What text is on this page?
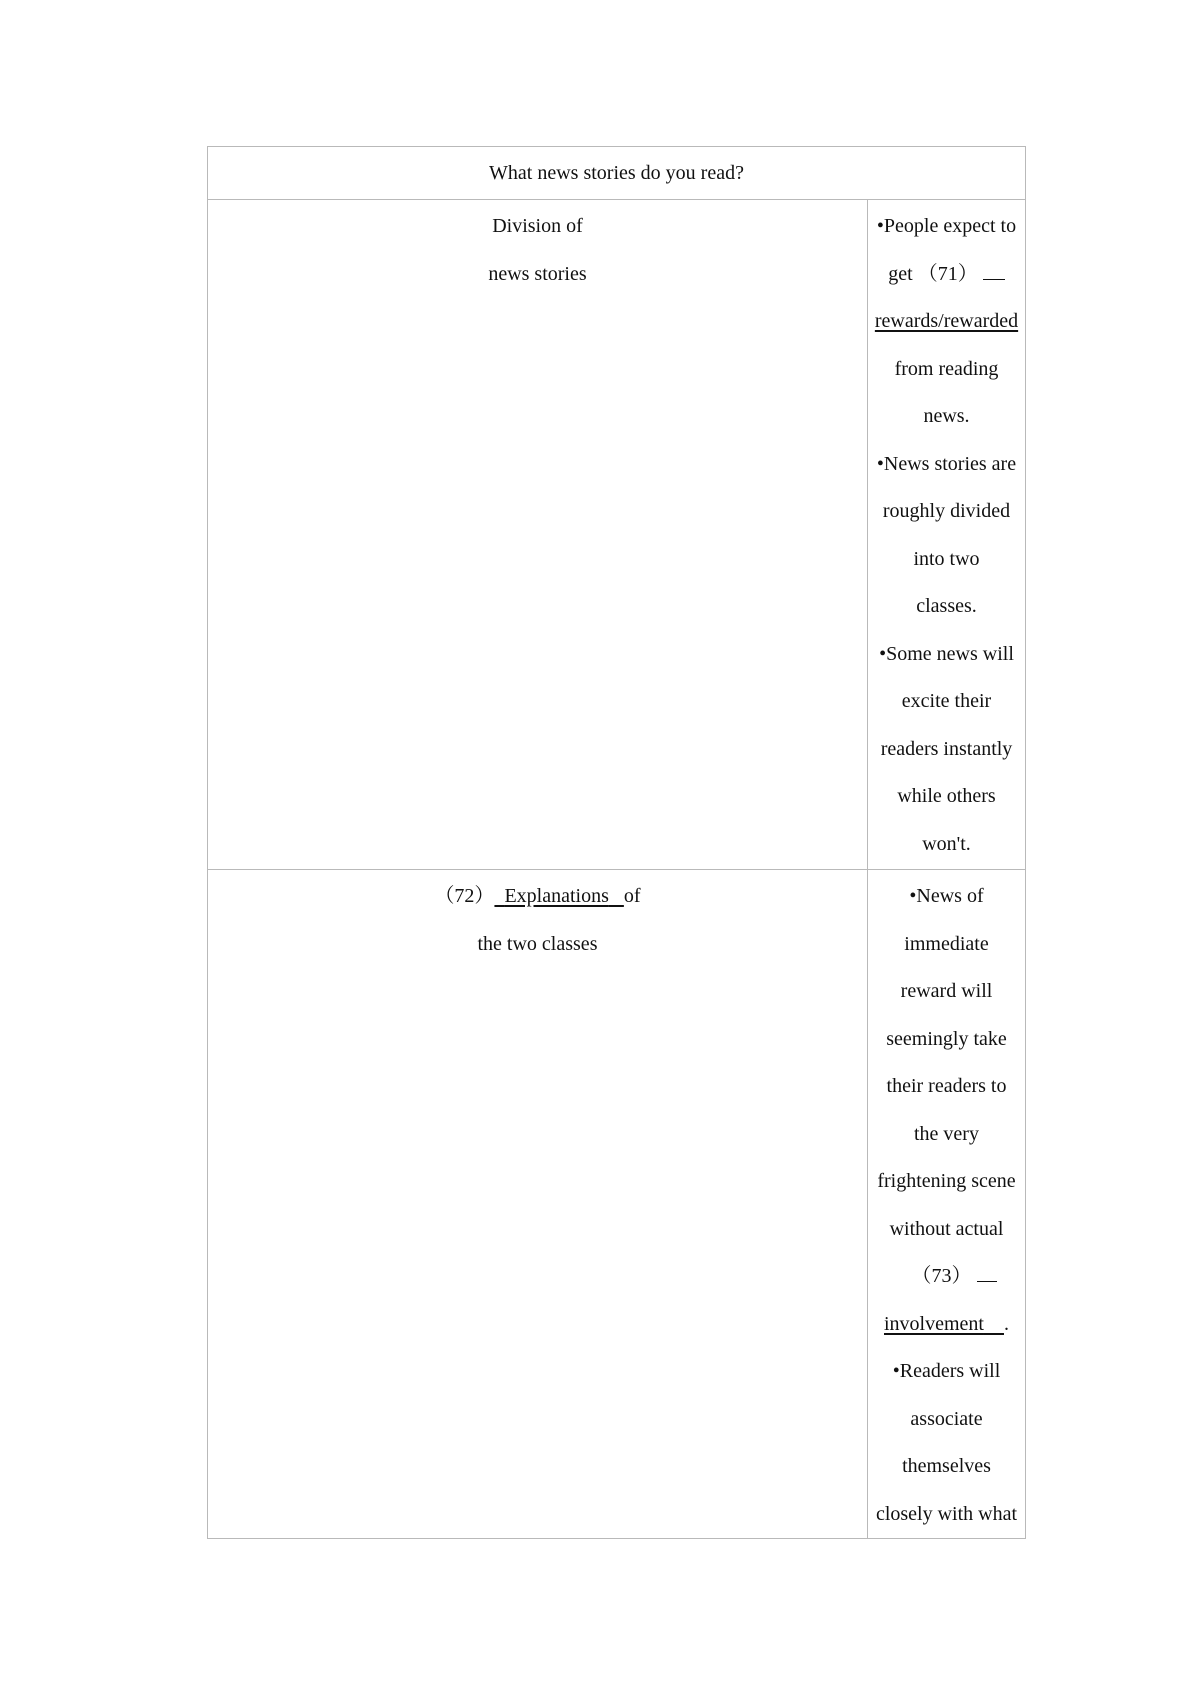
What news stories do you read?
Division of
news stories
•People expect to
get （71）
rewards/rewarded
from reading
news.
•News stories are
roughly divided
into two
classes.
•Some news will
excite their
readers instantly
while others
won't.
（72） Explanations of
the two classes
•News of
immediate
reward will
seemingly take
their readers to
the very
frightening scene
without actual
（73）
involvement .
•Readers will
associate
themselves
closely with what
